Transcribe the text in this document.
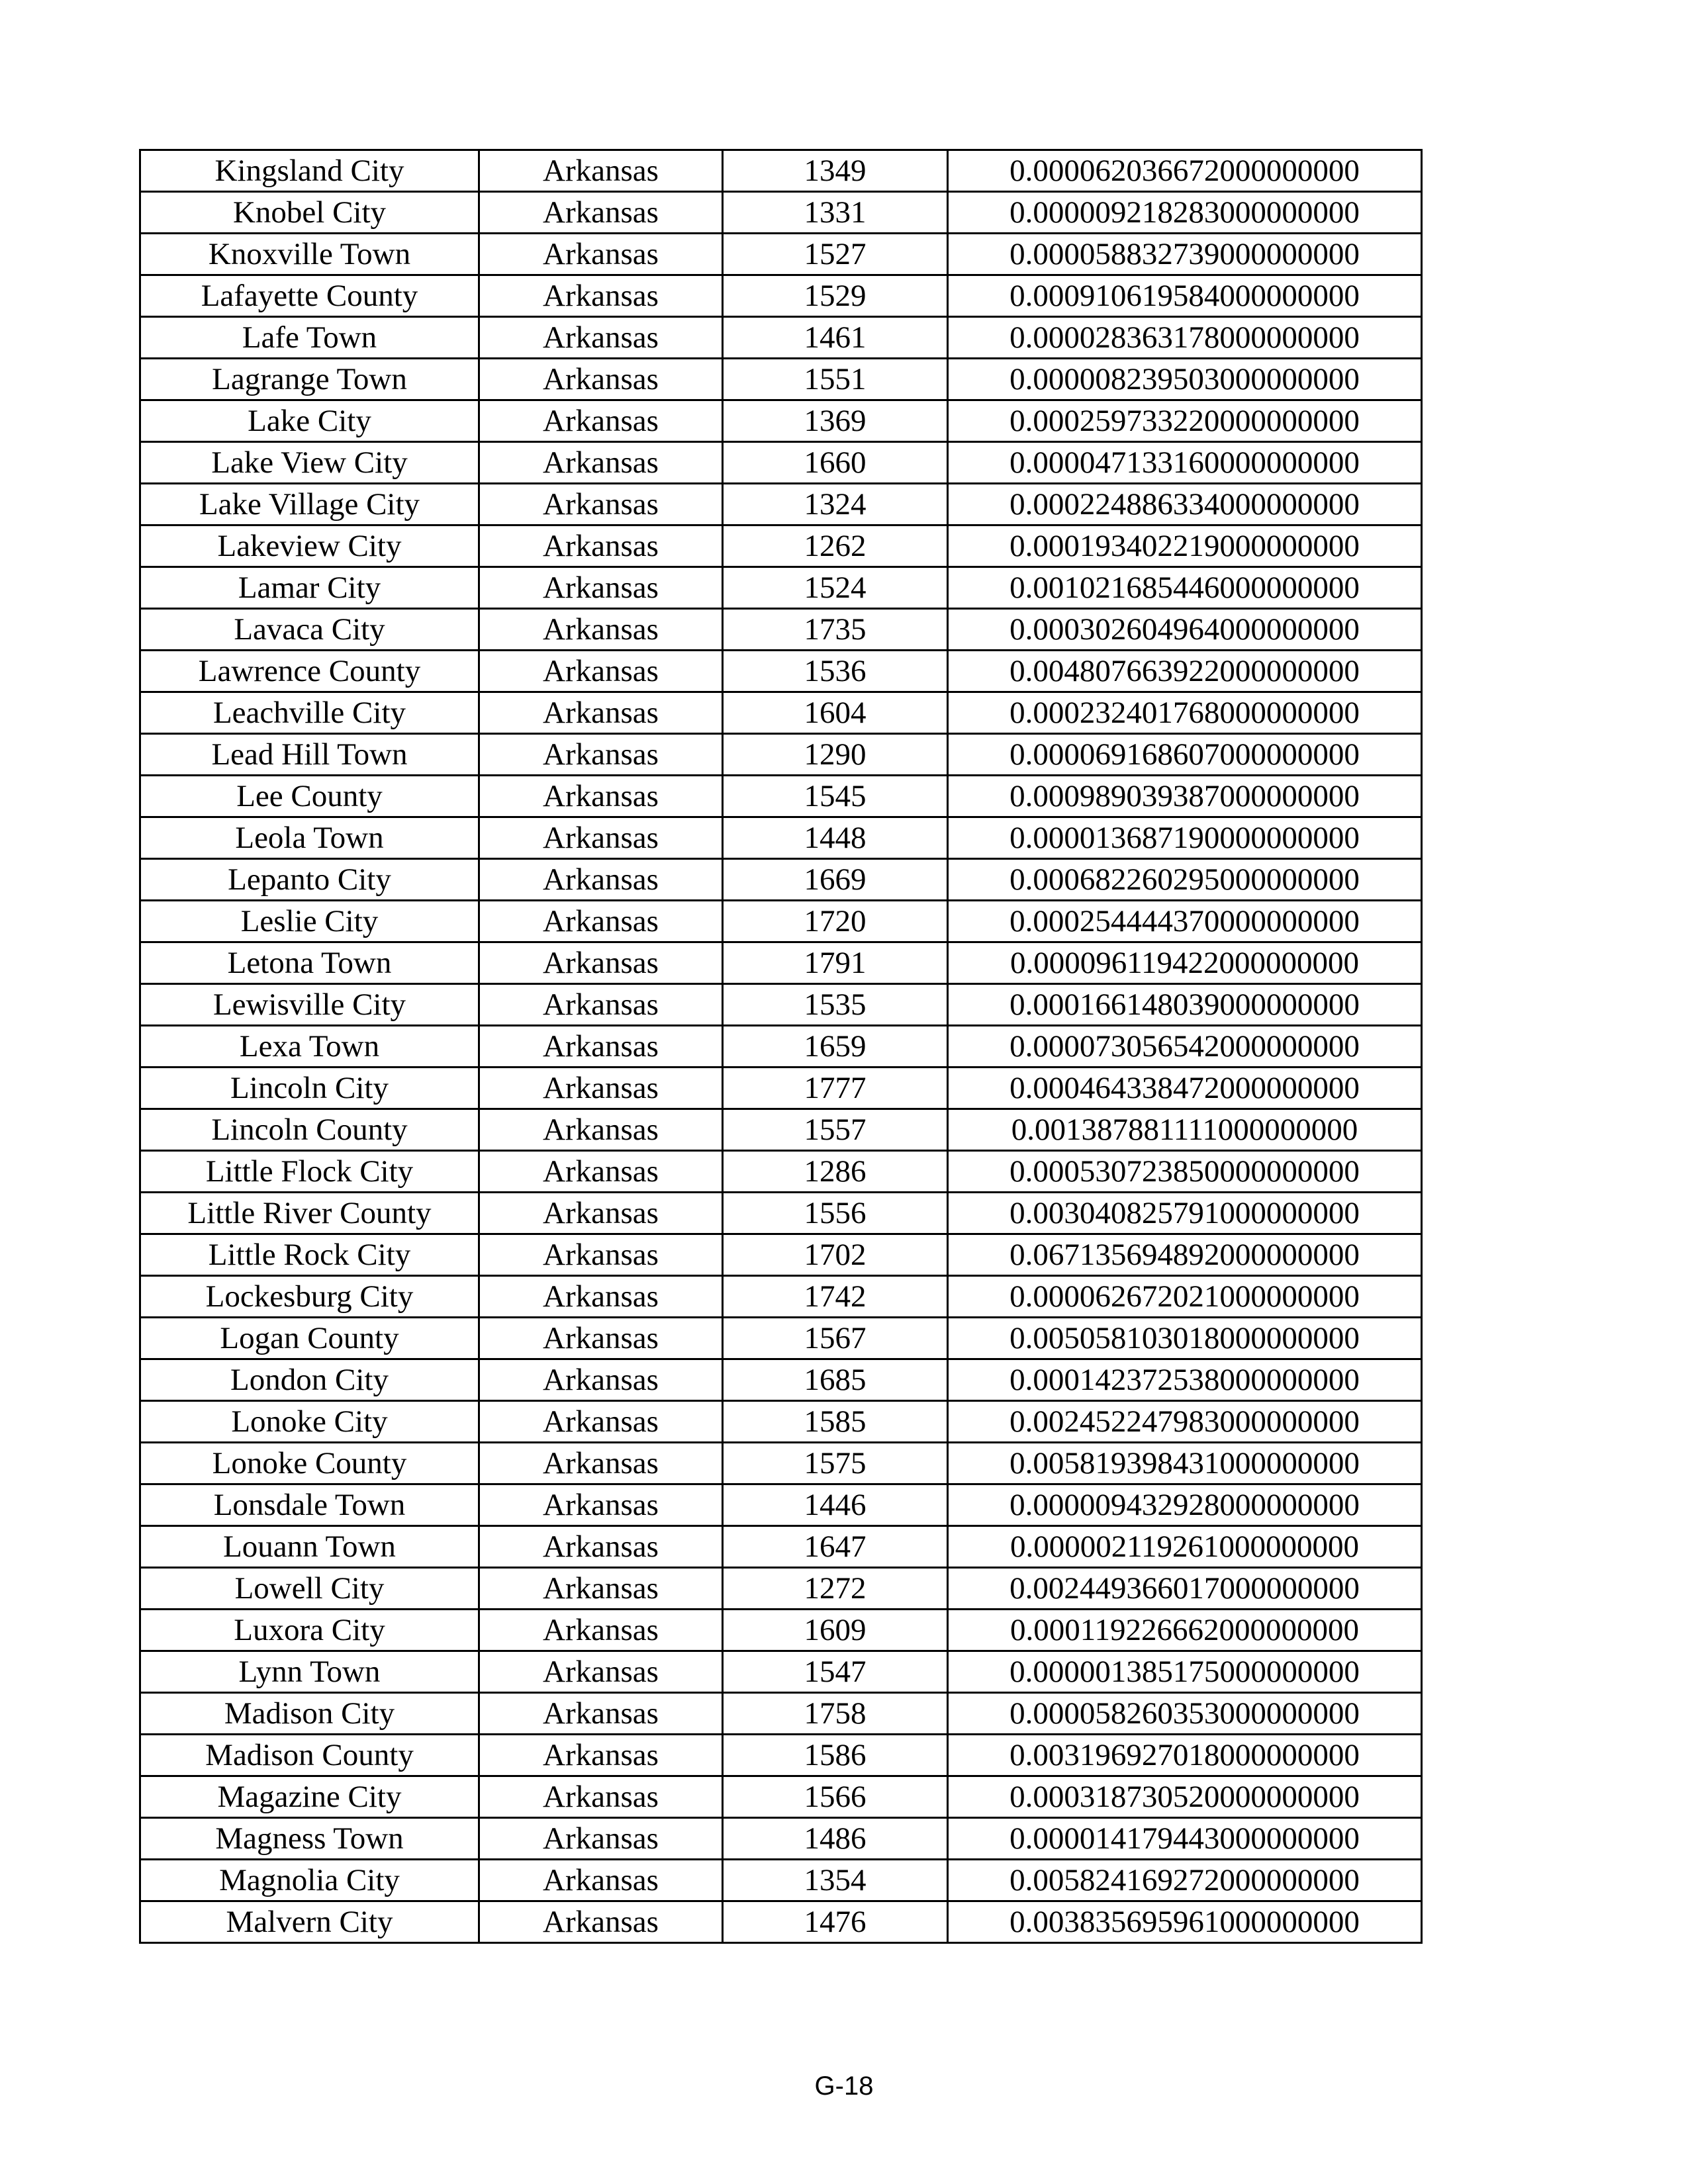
Kingsland City	Arkansas	1349	0.000062036672000000000
Knobel City	Arkansas	1331	0.000009218283000000000
Knoxville Town	Arkansas	1527	0.000058832739000000000
Lafayette County	Arkansas	1529	0.000910619584000000000
Lafe Town	Arkansas	1461	0.000028363178000000000
Lagrange Town	Arkansas	1551	0.000008239503000000000
Lake City	Arkansas	1369	0.000259733220000000000
Lake View City	Arkansas	1660	0.000047133160000000000
Lake Village City	Arkansas	1324	0.000224886334000000000
Lakeview City	Arkansas	1262	0.000193402219000000000
Lamar City	Arkansas	1524	0.001021685446000000000
Lavaca City	Arkansas	1735	0.000302604964000000000
Lawrence County	Arkansas	1536	0.004807663922000000000
Leachville City	Arkansas	1604	0.000232401768000000000
Lead Hill Town	Arkansas	1290	0.000069168607000000000
Lee County	Arkansas	1545	0.000989039387000000000
Leola Town	Arkansas	1448	0.000013687190000000000
Lepanto City	Arkansas	1669	0.000682260295000000000
Leslie City	Arkansas	1720	0.000254444370000000000
Letona Town	Arkansas	1791	0.000096119422000000000
Lewisville City	Arkansas	1535	0.000166148039000000000
Lexa Town	Arkansas	1659	0.000073056542000000000
Lincoln City	Arkansas	1777	0.000464338472000000000
Lincoln County	Arkansas	1557	0.001387881111000000000
Little Flock City	Arkansas	1286	0.000530723850000000000
Little River County	Arkansas	1556	0.003040825791000000000
Little Rock City	Arkansas	1702	0.067135694892000000000
Lockesburg City	Arkansas	1742	0.000062672021000000000
Logan County	Arkansas	1567	0.005058103018000000000
London City	Arkansas	1685	0.000142372538000000000
Lonoke City	Arkansas	1585	0.002452247983000000000
Lonoke County	Arkansas	1575	0.005819398431000000000
Lonsdale Town	Arkansas	1446	0.000009432928000000000
Louann Town	Arkansas	1647	0.000002119261000000000
Lowell City	Arkansas	1272	0.002449366017000000000
Luxora City	Arkansas	1609	0.000119226662000000000
Lynn Town	Arkansas	1547	0.000001385175000000000
Madison City	Arkansas	1758	0.000058260353000000000
Madison County	Arkansas	1586	0.003196927018000000000
Magazine City	Arkansas	1566	0.000318730520000000000
Magness Town	Arkansas	1486	0.000014179443000000000
Magnolia City	Arkansas	1354	0.005824169272000000000
Malvern City	Arkansas	1476	0.003835695961000000000
G-18
